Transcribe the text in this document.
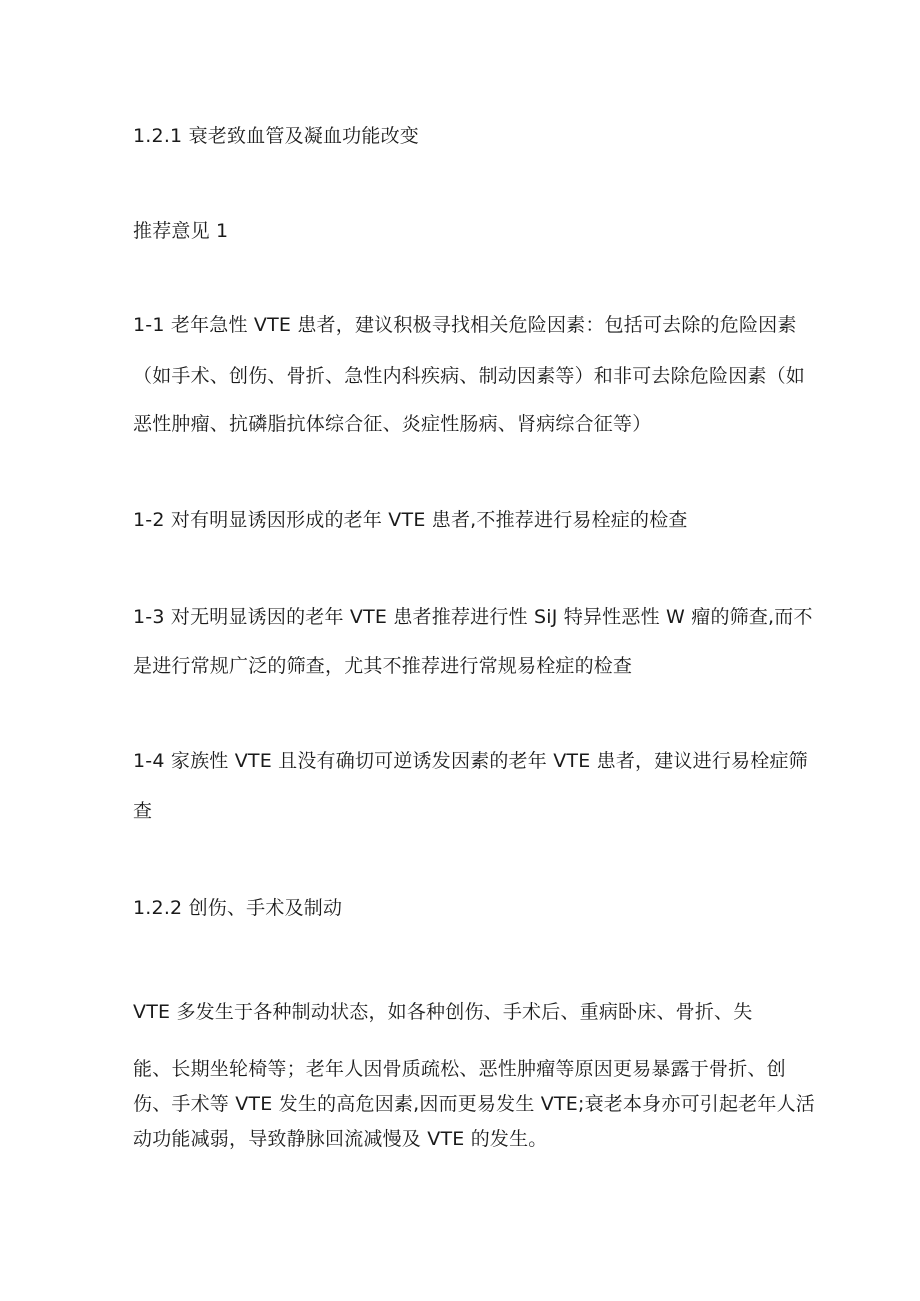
1.2.1 衰老致血管及凝血功能改变
推荐意见 1
1-1 老年急性 VTE 患者，建议积极寻找相关危险因素：包括可去除的危险因素
（如手术、创伤、骨折、急性内科疾病、制动因素等）和非可去除危险因素（如
恶性肿瘤、抗磷脂抗体综合征、炎症性肠病、肾病综合征等）
1-2 对有明显诱因形成的老年 VTE 患者,不推荐进行易栓症的检查
1-3 对无明显诱因的老年 VTE 患者推荐进行性 SiJ 特异性恶性 W 瘤的筛查,而不
是进行常规广泛的筛查，尤其不推荐进行常规易栓症的检查
1-4 家族性 VTE 且没有确切可逆诱发因素的老年 VTE 患者，建议进行易栓症筛
查
1.2.2 创伤、手术及制动
VTE 多发生于各种制动状态，如各种创伤、手术后、重病卧床、骨折、失
能、长期坐轮椅等；老年人因骨质疏松、恶性肿瘤等原因更易暴露于骨折、创
伤、手术等 VTE 发生的高危因素,因而更易发生 VTE;衰老本身亦可引起老年人活
动功能减弱，导致静脉回流减慢及 VTE 的发生。
